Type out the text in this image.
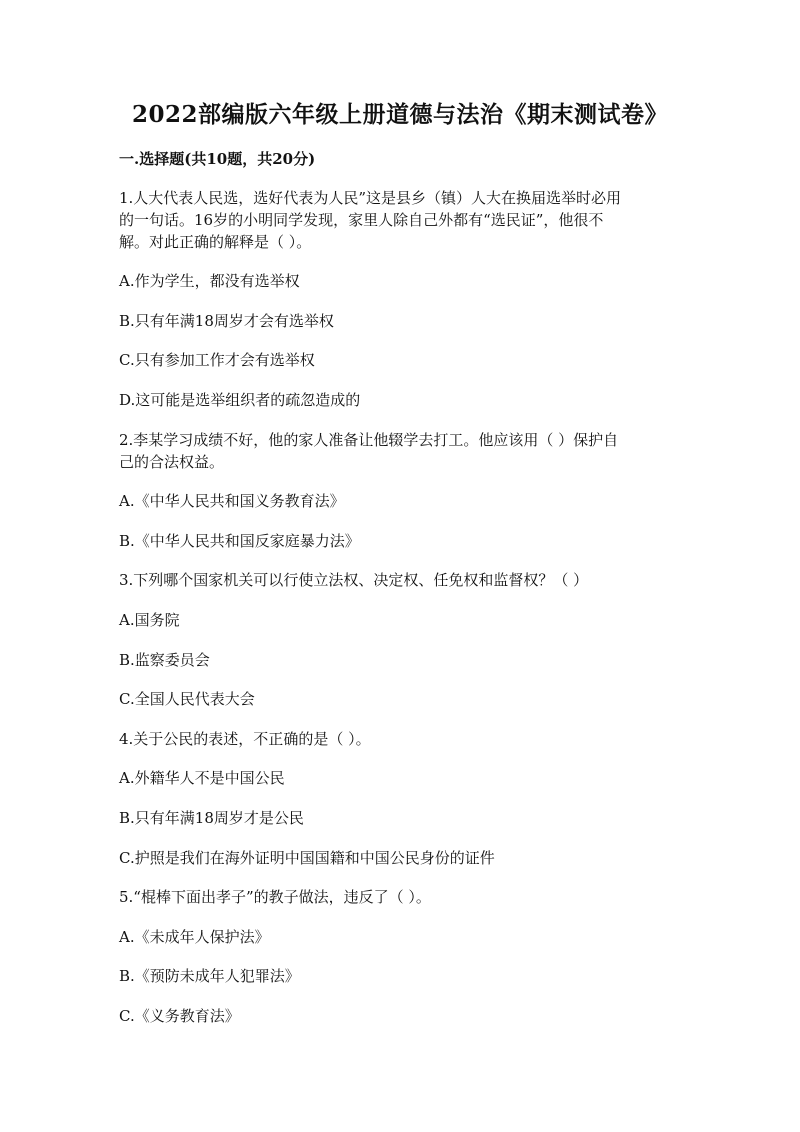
2022部编版六年级上册道德与法治《期末测试卷》
一.选择题(共10题，共20分)
1.人大代表人民选，选好代表为人民”这是县乡（镇）人大在换届选举时必用
的一句话。16岁的小明同学发现，家里人除自己外都有“选民证”，他很不
解。对此正确的解释是（ ）。
A.作为学生，都没有选举权
B.只有年满18周岁才会有选举权
C.只有参加工作才会有选举权
D.这可能是选举组织者的疏忽造成的
2.李某学习成绩不好，他的家人准备让他辍学去打工。他应该用（ ）保护自
己的合法权益。
A.《中华人民共和国义务教育法》
B.《中华人民共和国反家庭暴力法》
3.下列哪个国家机关可以行使立法权、决定权、任免权和监督权？（ ）
A.国务院
B.监察委员会
C.全国人民代表大会
4.关于公民的表述，不正确的是（ ）。
A.外籍华人不是中国公民
B.只有年满18周岁才是公民
C.护照是我们在海外证明中国国籍和中国公民身份的证件
5.“棍棒下面出孝子”的教子做法，违反了（ ）。
A.《未成年人保护法》
B.《预防未成年人犯罪法》
C.《义务教育法》
